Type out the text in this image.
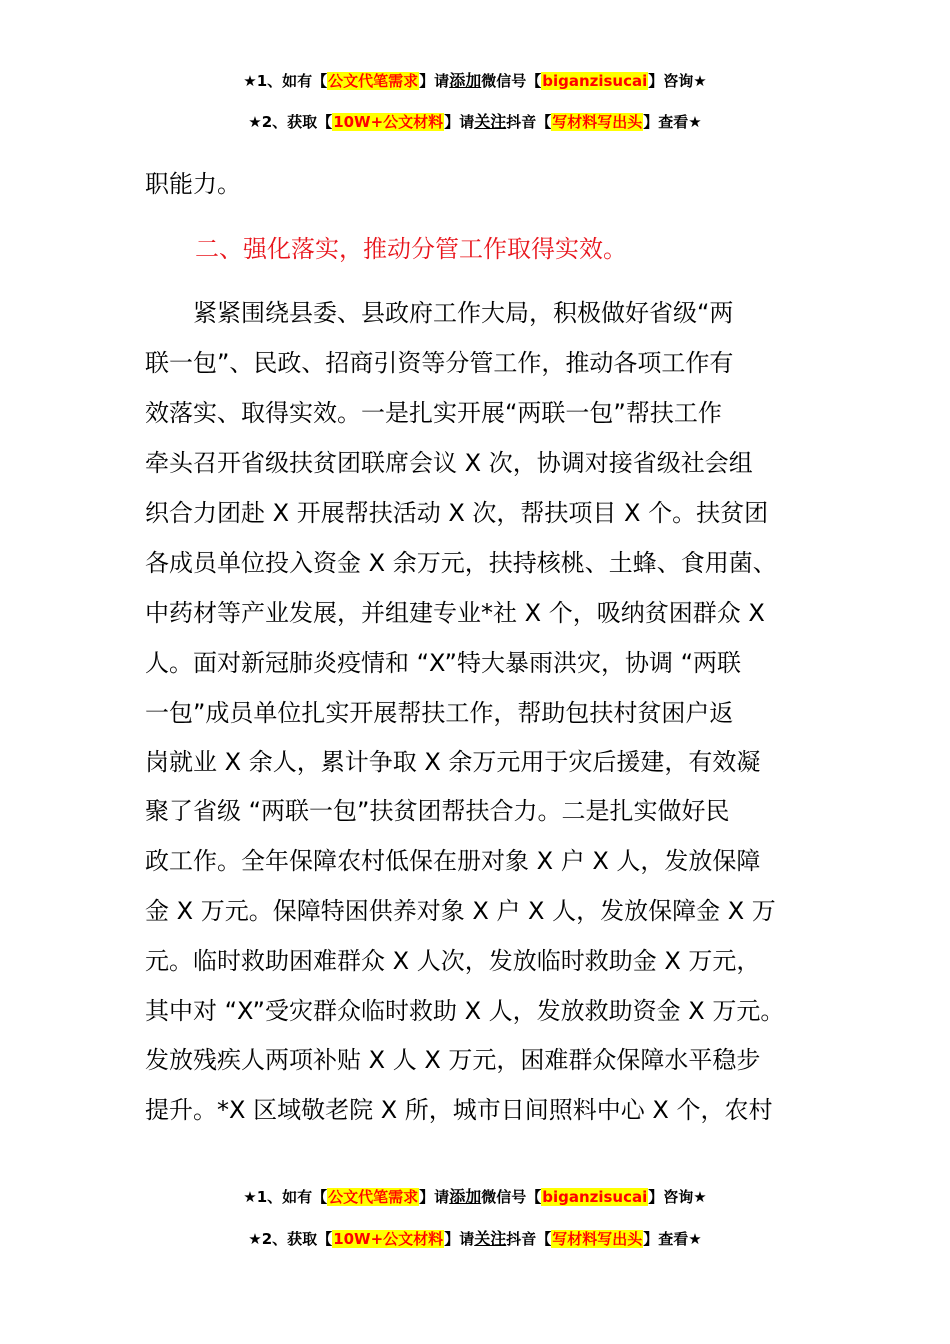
★1、如有【公文代笔需求】请添加微信号【biganzisucai】咨询★
★2、获取【10W+公文材料】请关注抖音【写材料写出头】查看★
职能力。
二、强化落实，推动分管工作取得实效。
　　紧紧围绕县委、县政府工作大局，积极做好省级“两
联一包”、民政、招商引资等分管工作，推动各项工作有
效落实、取得实效。一是扎实开展“两联一包”帮扶工作
牵头召开省级扶贫团联席会议 X 次，协调对接省级社会组
织合力团赴 X 开展帮扶活动 X 次，帮扶项目 X 个。扶贫团
各成员单位投入资金 X 余万元，扶持核桃、土蜂、食用菌、
中药材等产业发展，并组建专业*社 X 个，吸纳贫困群众 X
人。面对新冠肺炎疫情和 “X”特大暴雨洪灾，协调 “两联
一包”成员单位扎实开展帮扶工作，帮助包扶村贫困户返
岗就业 X 余人，累计争取 X 余万元用于灾后援建，有效凝
聚了省级 “两联一包”扶贫团帮扶合力。二是扎实做好民
政工作。全年保障农村低保在册对象 X 户 X 人，发放保障
金 X 万元。保障特困供养对象 X 户 X 人，发放保障金 X 万
元。临时救助困难群众 X 人次，发放临时救助金 X 万元，
其中对 “X”受灾群众临时救助 X 人，发放救助资金 X 万元。
发放残疾人两项补贴 X 人 X 万元，困难群众保障水平稳步
提升。*X 区域敬老院 X 所，城市日间照料中心 X 个，农村
★1、如有【公文代笔需求】请添加微信号【biganzisucai】咨询★
★2、获取【10W+公文材料】请关注抖音【写材料写出头】查看★
